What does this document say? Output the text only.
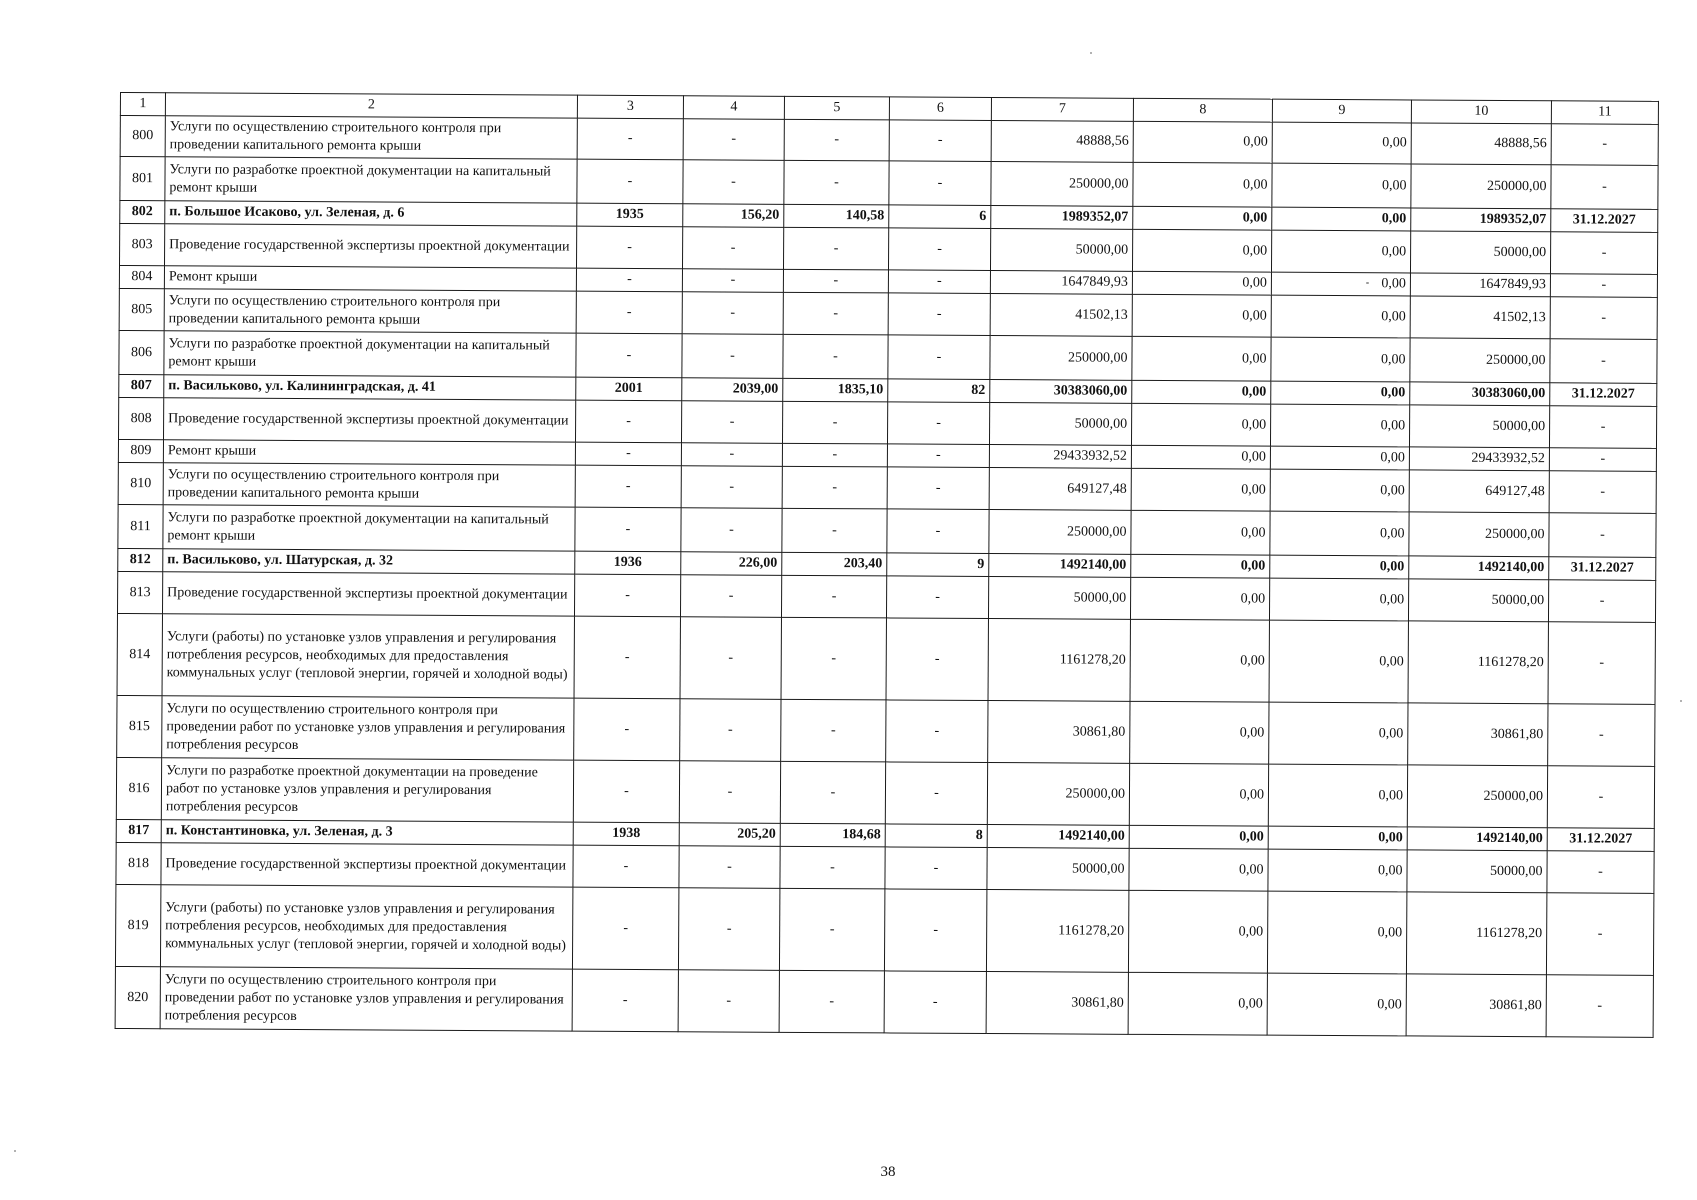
1	2	3	4	5	6	7	8	9	10	11
800	Услуги по осуществлению строительного контроля при проведении капитального ремонта крыши	-	-	-	-	48888,56	0,00	0,00	48888,56	-
801	Услуги по разработке проектной документации на капитальный ремонт крыши	-	-	-	-	250000,00	0,00	0,00	250000,00	-
802	п. Большое Исаково, ул. Зеленая, д. 6	1935	156,20	140,58	6	1989352,07	0,00	0,00	1989352,07	31.12.2027
803	Проведение государственной экспертизы проектной документации	-	-	-	-	50000,00	0,00	0,00	50000,00	-
804	Ремонт крыши	-	-	-	-	1647849,93	0,00	0,00	1647849,93	-
805	Услуги по осуществлению строительного контроля при проведении капитального ремонта крыши	-	-	-	-	41502,13	0,00	0,00	41502,13	-
806	Услуги по разработке проектной документации на капитальный ремонт крыши	-	-	-	-	250000,00	0,00	0,00	250000,00	-
807	п. Васильково, ул. Калининградская, д. 41	2001	2039,00	1835,10	82	30383060,00	0,00	0,00	30383060,00	31.12.2027
808	Проведение государственной экспертизы проектной документации	-	-	-	-	50000,00	0,00	0,00	50000,00	-
809	Ремонт крыши	-	-	-	-	29433932,52	0,00	0,00	29433932,52	-
810	Услуги по осуществлению строительного контроля при проведении капитального ремонта крыши	-	-	-	-	649127,48	0,00	0,00	649127,48	-
811	Услуги по разработке проектной документации на капитальный ремонт крыши	-	-	-	-	250000,00	0,00	0,00	250000,00	-
812	п. Васильково, ул. Шатурская, д. 32	1936	226,00	203,40	9	1492140,00	0,00	0,00	1492140,00	31.12.2027
813	Проведение государственной экспертизы проектной документации	-	-	-	-	50000,00	0,00	0,00	50000,00	-
814	Услуги (работы) по установке узлов управления и регулирования потребления ресурсов, необходимых для предоставления коммунальных услуг (тепловой энергии, горячей и холодной воды)	-	-	-	-	1161278,20	0,00	0,00	1161278,20	-
815	Услуги по осуществлению строительного контроля при проведении работ по установке узлов управления и регулирования потребления ресурсов	-	-	-	-	30861,80	0,00	0,00	30861,80	-
816	Услуги по разработке проектной документации на проведение работ по установке узлов управления и регулирования потребления ресурсов	-	-	-	-	250000,00	0,00	0,00	250000,00	-
817	п. Константиновка, ул. Зеленая, д. 3	1938	205,20	184,68	8	1492140,00	0,00	0,00	1492140,00	31.12.2027
818	Проведение государственной экспертизы проектной документации	-	-	-	-	50000,00	0,00	0,00	50000,00	-
819	Услуги (работы) по установке узлов управления и регулирования потребления ресурсов, необходимых для предоставления коммунальных услуг (тепловой энергии, горячей и холодной воды)	-	-	-	-	1161278,20	0,00	0,00	1161278,20	-
820	Услуги по осуществлению строительного контроля при проведении работ по установке узлов управления и регулирования потребления ресурсов	-	-	-	-	30861,80	0,00	0,00	30861,80	-
38
